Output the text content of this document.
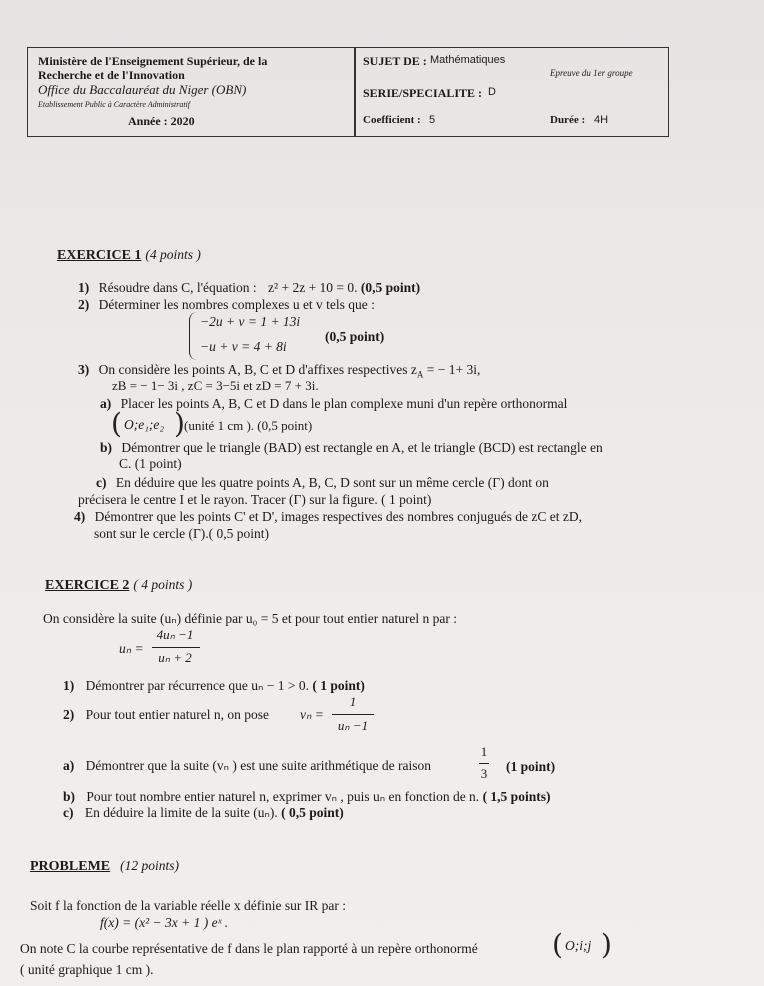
Ministère de l'Enseignement Supérieur, de la
Recherche et de l'Innovation
Office du Baccalauréat du Niger (OBN)
Etablissement Public à Caractère Administratif
Année : 2020
SUJET DE : Mathématiques
Epreuve du 1er groupe
SERIE/SPECIALITE : D
Coefficient : 5	Durée : 4H
EXERCICE 1 (4 points )
1) Résoudre dans C, l'équation : z² + 2z + 10 = 0. (0,5 point)
2) Déterminer les nombres complexes u et v tels que :
−2u + v = 1 + 13i
−u + v = 4 + 8i
(0,5 point)
3) On considère les points A, B, C et D d'affixes respectives $z_A$ = − 1+ 3i,
zB = − 1− 3i , zC = 3−5i et zD = 7 + 3i.
a) Placer les points A, B, C et D dans le plan complexe muni d'un repère orthonormal
( O;e₁;e₂ ) (unité 1 cm ). (0,5 point)
b) Démontrer que le triangle (BAD) est rectangle en A, et le triangle (BCD) est rectangle en
C. (1 point)
c) En déduire que les quatre points A, B, C, D sont sur un même cercle (Γ) dont on
précisera le centre I et le rayon. Tracer (Γ) sur la figure. ( 1 point)
4) Démontrer que les points C' et D', images respectives des nombres conjugués de zC et zD,
sont sur le cercle (Γ).( 0,5 point)
EXERCICE 2 ( 4 points )
On considère la suite (uₙ) définie par u₀ = 5 et pour tout entier naturel n par :
uₙ =
4uₙ −1
uₙ + 2
1) Démontrer par récurrence que uₙ − 1 > 0. ( 1 point)
2) Pour tout entier naturel n, on pose vₙ =
1
uₙ −1
a) Démontrer que la suite (vₙ ) est une suite arithmétique de raison
1
3 (1 point)
b) Pour tout nombre entier naturel n, exprimer vₙ , puis uₙ en fonction de n. ( 1,5 points)
c) En déduire la limite de la suite (uₙ). ( 0,5 point)
PROBLEME (12 points)
Soit f la fonction de la variable réelle x définie sur IR par :
f(x) = (x² − 3x + 1 ) eˣ .
On note C la courbe représentative de f dans le plan rapporté à un repère orthonormé	( O;i;j )
( unité graphique 1 cm ).
